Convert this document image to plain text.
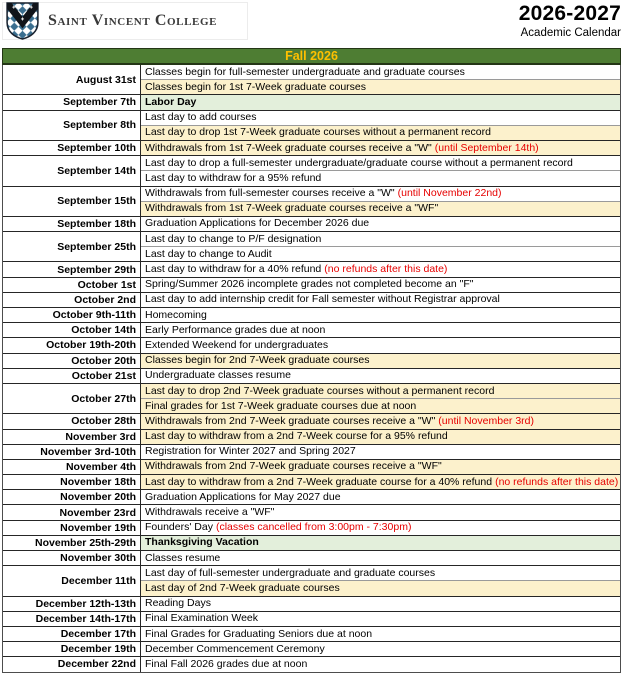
Saint Vincent College	2026-2027
Academic Calendar
Fall 2026
August 31st
Classes begin for full-semester undergraduate and graduate courses
Classes begin for 1st 7-Week graduate courses
September 7th Labor Day
September 8th
Last day to add courses
Last day to drop 1st 7-Week graduate courses without a permanent record
September 10th Withdrawals from 1st 7-Week graduate courses receive a "W" (until September 14th)
September 14th
Last day to drop a full-semester undergraduate/graduate course without a permanent record
Last day to withdraw for a 95% refund
September 15th
Withdrawals from full-semester courses receive a "W" (until November 22nd)
Withdrawals from 1st 7-Week graduate courses receive a "WF"
September 18th Graduation Applications for December 2026 due
September 25th
Last day to change to P/F designation
Last day to change to Audit
September 29th Last day to withdraw for a 40% refund (no refunds after this date)
October 1st Spring/Summer 2026 incomplete grades not completed become an "F"
October 2nd Last day to add internship credit for Fall semester without Registrar approval
October 9th-11th Homecoming
October 14th Early Performance grades due at noon
October 19th-20th Extended Weekend for undergraduates
October 20th Classes begin for 2nd 7-Week graduate courses
October 21st Undergraduate classes resume
October 27th
Last day to drop 2nd 7-Week graduate courses without a permanent record
Final grades for 1st 7-Week graduate courses due at noon
October 28th Withdrawals from 2nd 7-Week graduate courses receive a "W" (until November 3rd)
November 3rd Last day to withdraw from a 2nd 7-Week course for a 95% refund
November 3rd-10th Registration for Winter 2027 and Spring 2027
November 4th Withdrawals from 2nd 7-Week graduate courses receive a "WF"
November 18th Last day to withdraw from a 2nd 7-Week graduate course for a 40% refund (no refunds after this date)
November 20th Graduation Applications for May 2027 due
November 23rd Withdrawals receive a "WF"
November 19th Founders' Day (classes cancelled from 3:00pm - 7:30pm)
November 25th-29th Thanksgiving Vacation
November 30th Classes resume
December 11th
Last day of full-semester undergraduate and graduate courses
Last day of 2nd 7-Week graduate courses
December 12th-13th Reading Days
December 14th-17th Final Examination Week
December 17th Final Grades for Graduating Seniors due at noon
December 19th December Commencement Ceremony
December 22nd Final Fall 2026 grades due at noon
